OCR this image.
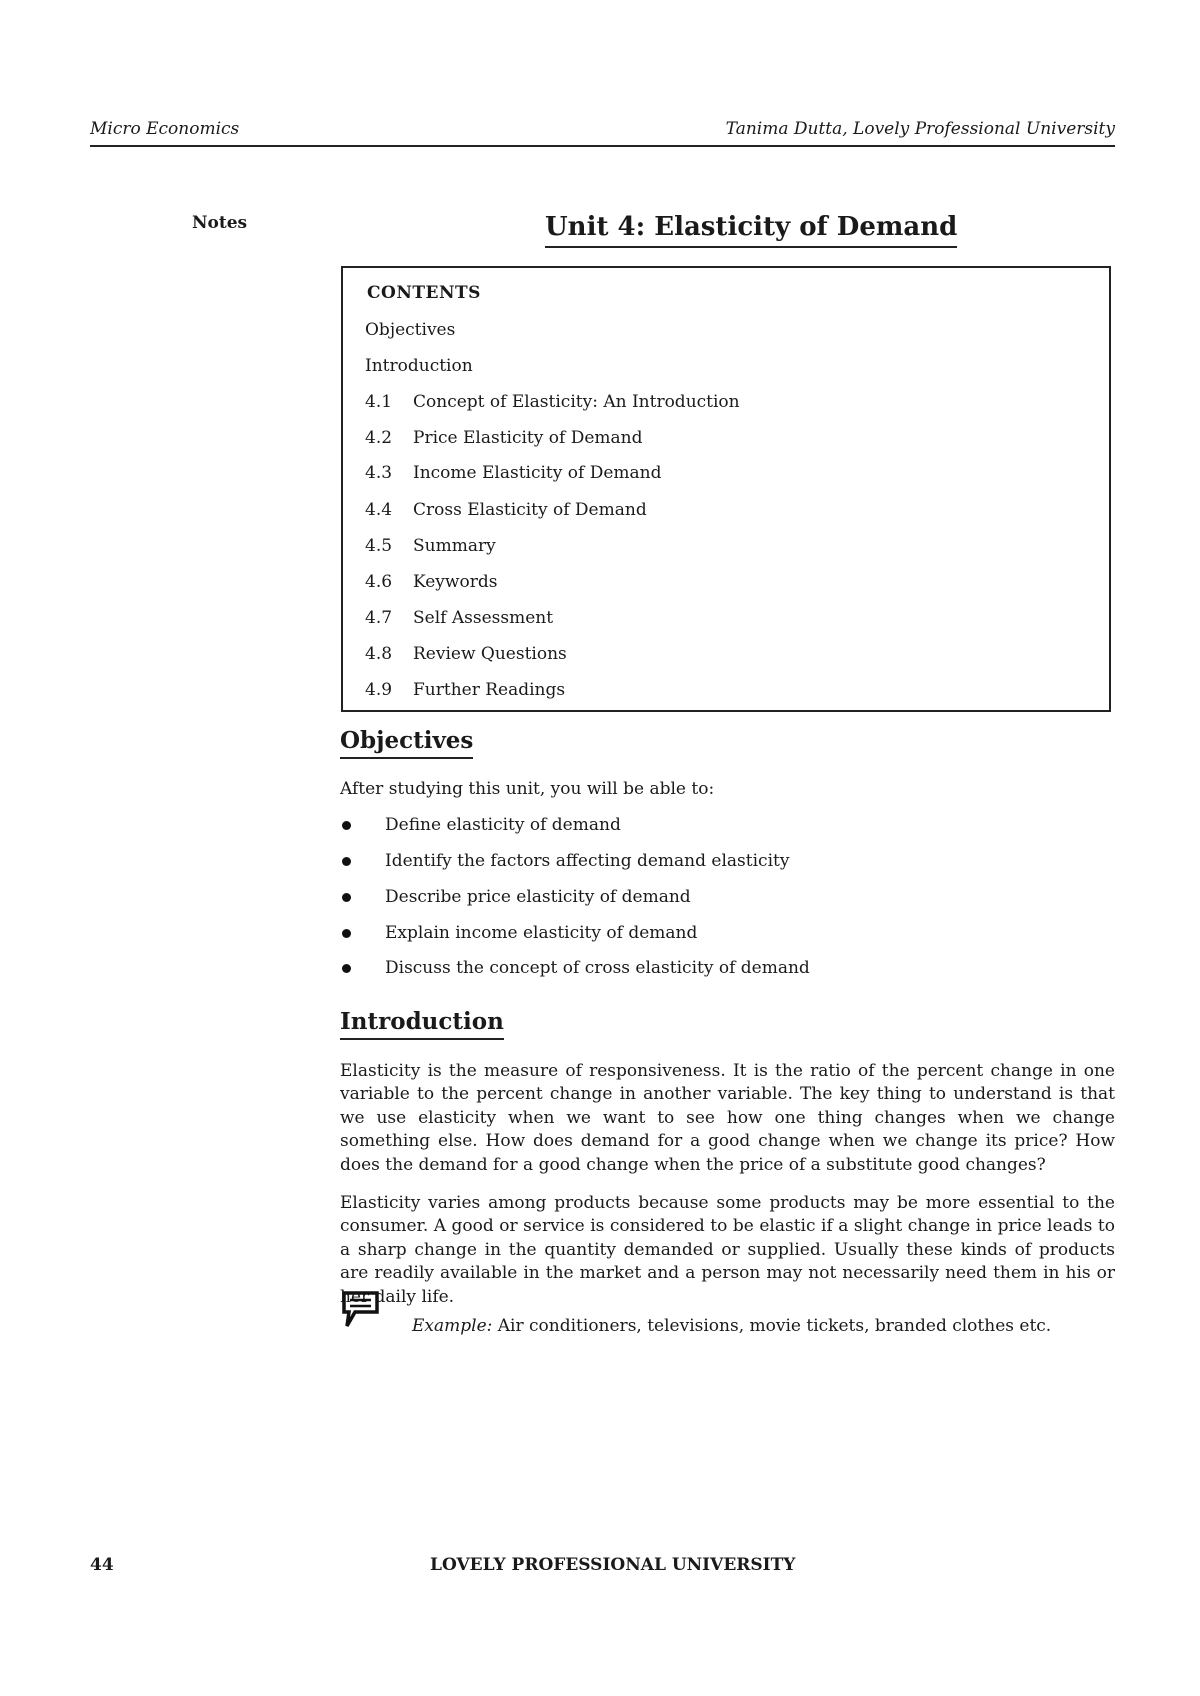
Micro Economics	Tanima Dutta, Lovely Professional University
Notes	Unit 4: Elasticity of Demand
CONTENTS
Objectives
Introduction
4.1 Concept of Elasticity: An Introduction
4.2 Price Elasticity of Demand
4.3 Income Elasticity of Demand
4.4 Cross Elasticity of Demand
4.5 Summary
4.6 Keywords
4.7 Self Assessment
4.8 Review Questions
4.9 Further Readings
Objectives
After studying this unit, you will be able to:
Define elasticity of demand
Identify the factors affecting demand elasticity
Describe price elasticity of demand
Explain income elasticity of demand
Discuss the concept of cross elasticity of demand
Introduction

Elasticity is the measure of responsiveness. It is the ratio of the percent change in one variable to the percent change in another variable. The key thing to understand is that we use elasticity when we want to see how one thing changes when we change something else. How does demand for a good change when we change its price? How does the demand for a good change when the price of a substitute good changes?

Elasticity varies among products because some products may be more essential to the consumer. A good or service is considered to be elastic if a slight change in price leads to a sharp change in the quantity demanded or supplied. Usually these kinds of products are readily available in the market and a person may not necessarily need them in his or her daily life.

Example: Air conditioners, televisions, movie tickets, branded clothes etc.
44	LOVELY PROFESSIONAL UNIVERSITY
